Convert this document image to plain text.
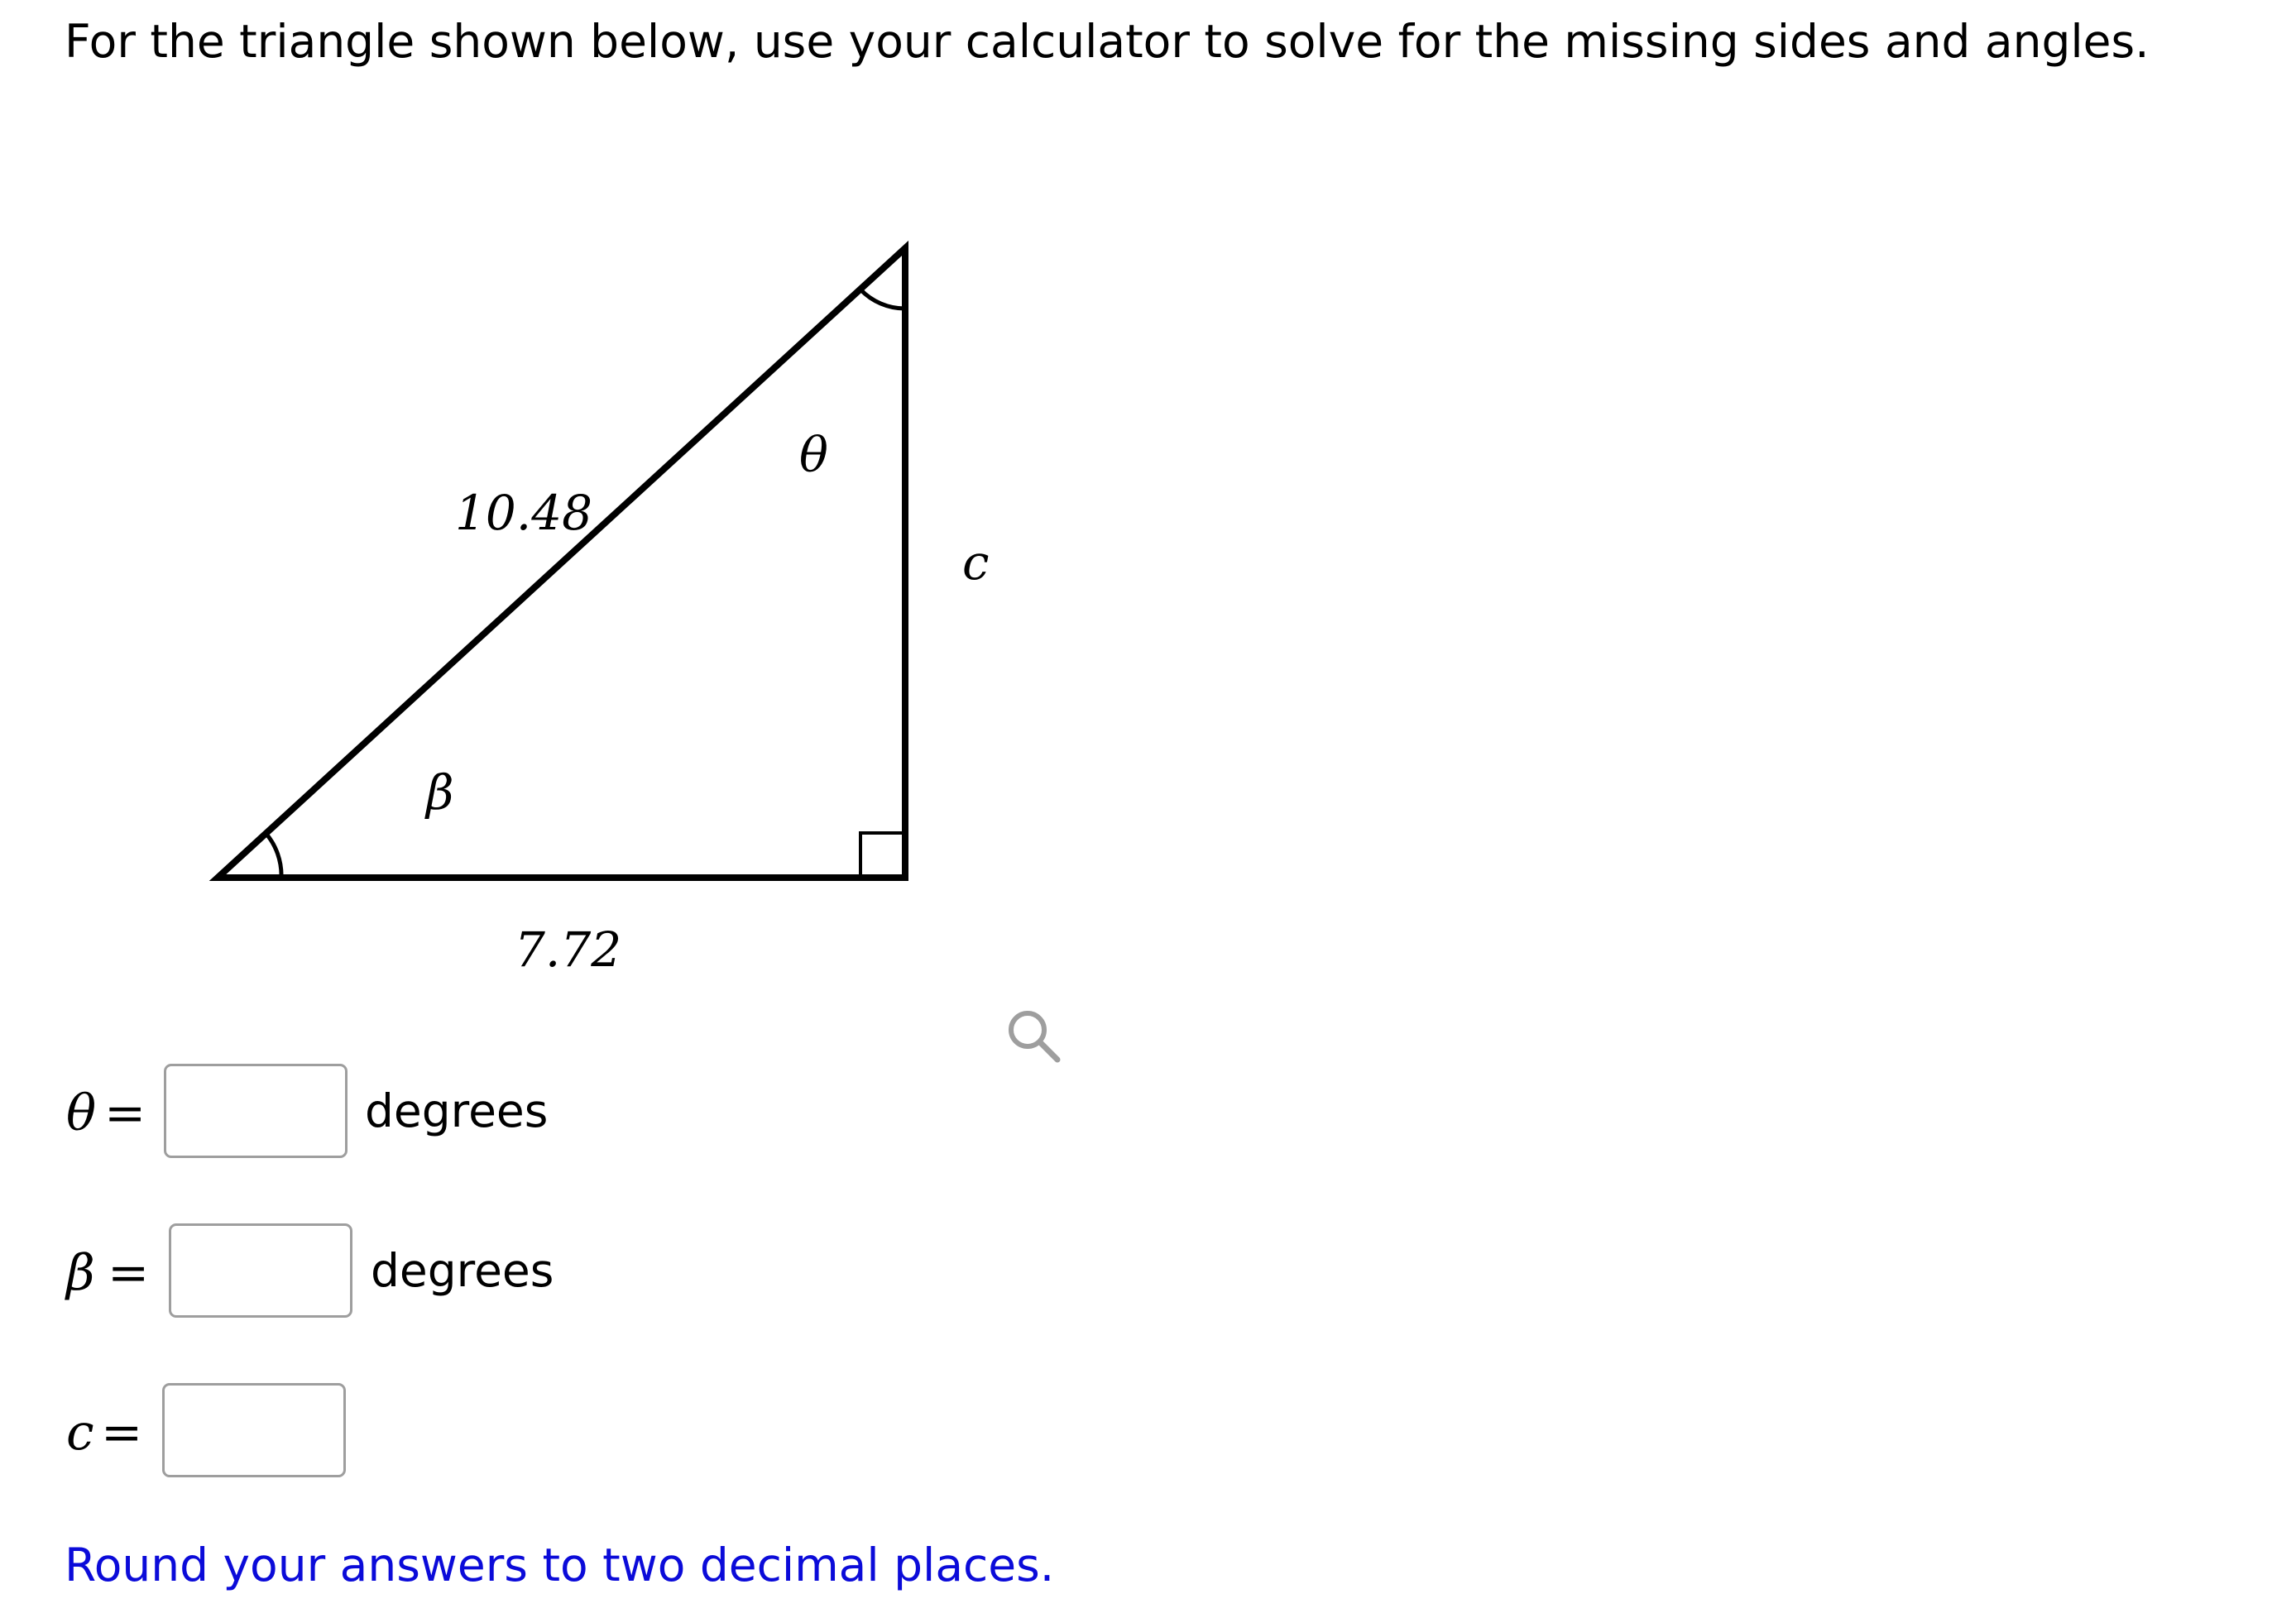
For the triangle shown below, use your calculator to solve for the missing sides and angles.
10.48
7.72
c
θ
β
θ =	degrees
β =	degrees
c =
Round your answers to two decimal places.
